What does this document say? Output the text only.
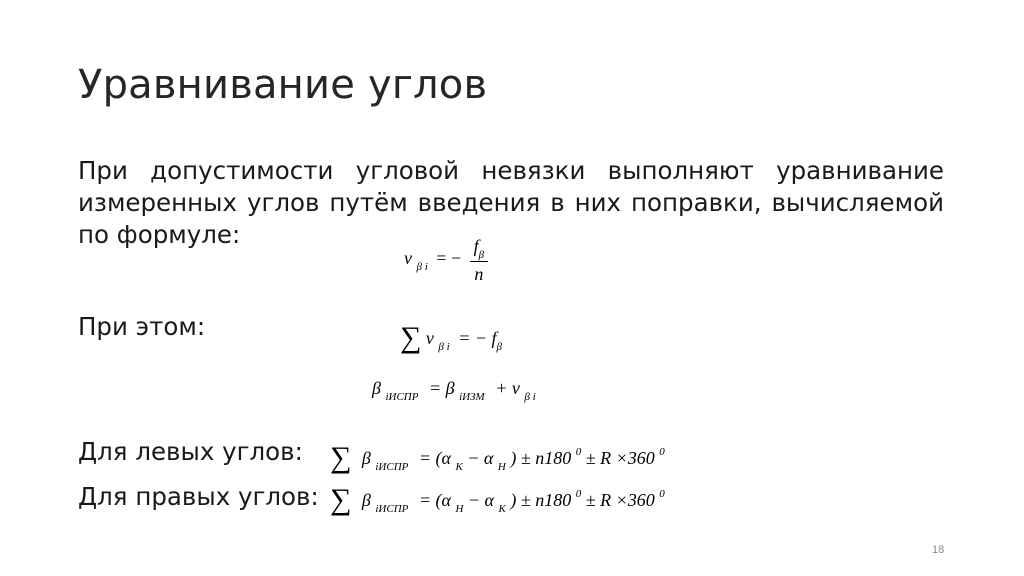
Уравнивание углов
При допустимости угловой невязки выполняют уравнивание измеренных углов путём введения в них поправки, вычисляемой по формуле:
v $_{\beta i}$ = − $\frac{f_\beta}{n}$
При этом:	∑ v $_{\beta i}$ = − $f_\beta$
β $_{iИСПР}$ = β $_{iИЗМ}$ + v $_{\beta i}$
Для левых углов: ∑ β $_{iИСПР}$ = (α $_К$ − α $_Н$ ) ± n180 $^0$ ± R ×360 $^0$
Для правых углов: ∑ β $_{iИСПР}$ = (α $_Н$ − α $_К$ ) ± n180 $^0$ ± R ×360 $^0$
18
